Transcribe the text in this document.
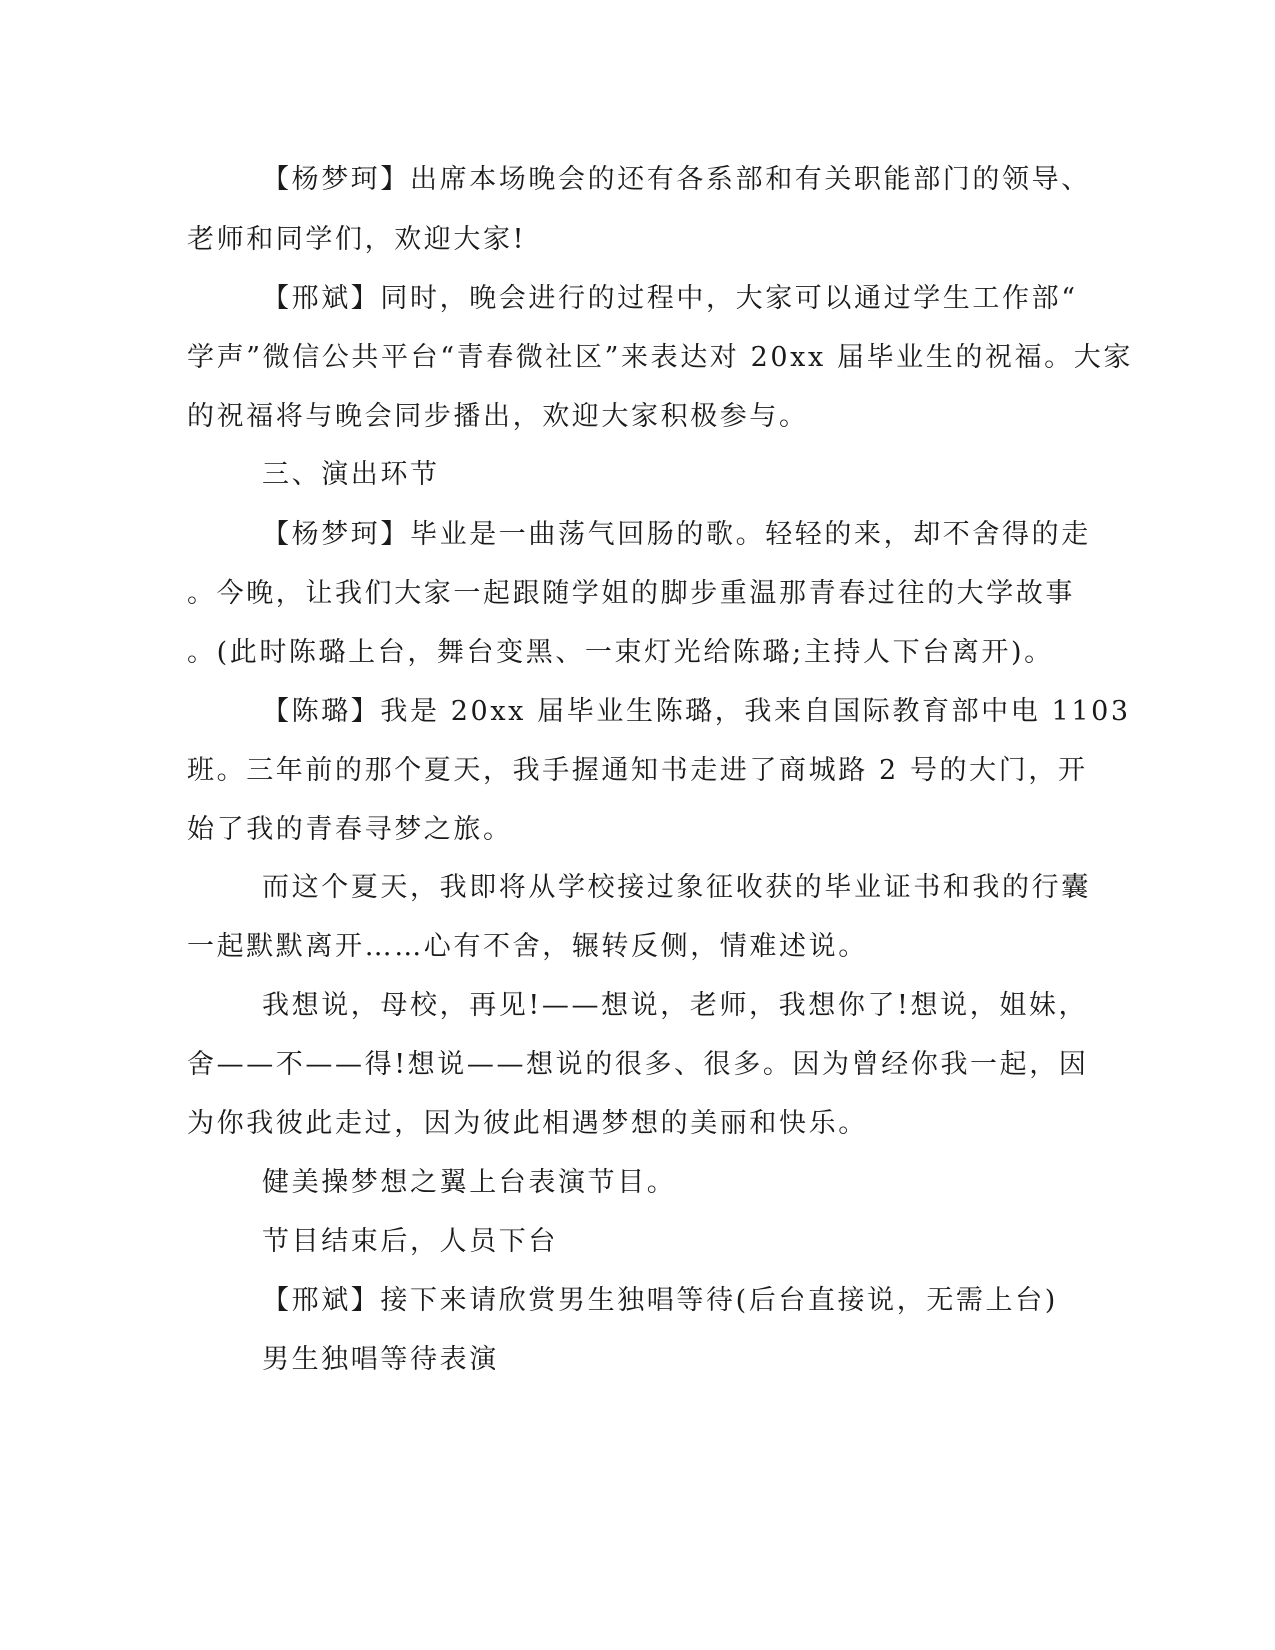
【杨梦珂】出席本场晚会的还有各系部和有关职能部门的领导、
老师和同学们，欢迎大家!
【邢斌】同时，晚会进行的过程中，大家可以通过学生工作部“
学声”微信公共平台“青春微社区”来表达对 20xx 届毕业生的祝福。大家
的祝福将与晚会同步播出，欢迎大家积极参与。
三、演出环节
【杨梦珂】毕业是一曲荡气回肠的歌。轻轻的来，却不舍得的走
。今晚，让我们大家一起跟随学姐的脚步重温那青春过往的大学故事
。(此时陈璐上台，舞台变黑、一束灯光给陈璐;主持人下台离开)。
【陈璐】我是 20xx 届毕业生陈璐，我来自国际教育部中电 1103
班。三年前的那个夏天，我手握通知书走进了商城路 2 号的大门，开
始了我的青春寻梦之旅。
而这个夏天，我即将从学校接过象征收获的毕业证书和我的行囊
一起默默离开……心有不舍，辗转反侧，情难述说。
我想说，母校，再见!——想说，老师，我想你了!想说，姐妹，
舍——不——得!想说——想说的很多、很多。因为曾经你我一起，因
为你我彼此走过，因为彼此相遇梦想的美丽和快乐。
健美操梦想之翼上台表演节目。
节目结束后，人员下台
【邢斌】接下来请欣赏男生独唱等待(后台直接说，无需上台)
男生独唱等待表演
